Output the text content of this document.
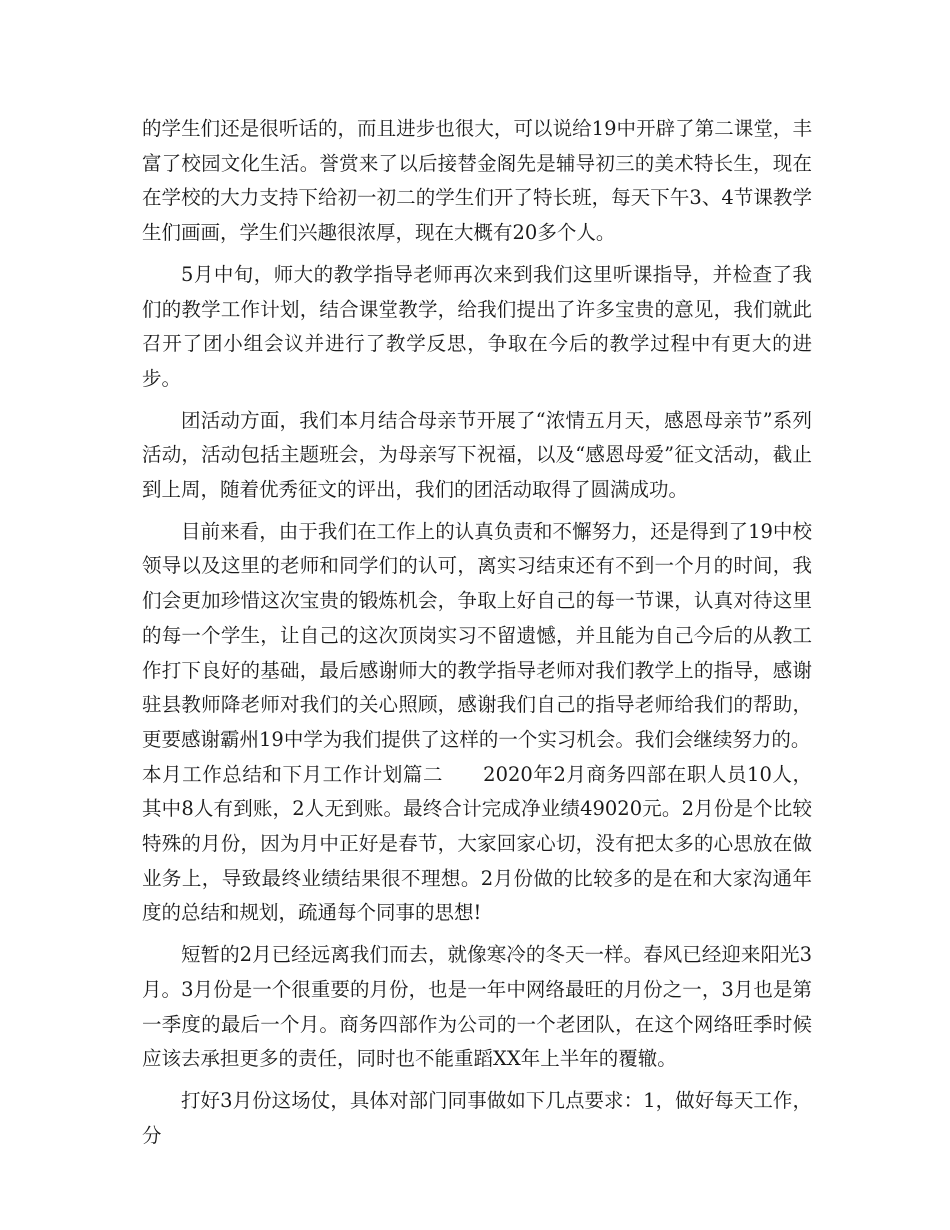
的学生们还是很听话的，而且进步也很大，可以说给19中开辟了第二课堂，丰富了校园文化生活。誉赏来了以后接替金阁先是辅导初三的美术特长生，现在在学校的大力支持下给初一初二的学生们开了特长班，每天下午3、4节课教学生们画画，学生们兴趣很浓厚，现在大概有20多个人。

5月中旬，师大的教学指导老师再次来到我们这里听课指导，并检查了我们的教学工作计划，结合课堂教学，给我们提出了许多宝贵的意见，我们就此召开了团小组会议并进行了教学反思，争取在今后的教学过程中有更大的进步。

团活动方面，我们本月结合母亲节开展了“浓情五月天，感恩母亲节”系列活动，活动包括主题班会，为母亲写下祝福，以及“感恩母爱”征文活动，截止到上周，随着优秀征文的评出，我们的团活动取得了圆满成功。

目前来看，由于我们在工作上的认真负责和不懈努力，还是得到了19中校领导以及这里的老师和同学们的认可，离实习结束还有不到一个月的时间，我们会更加珍惜这次宝贵的锻炼机会，争取上好自己的每一节课，认真对待这里的每一个学生，让自己的这次顶岗实习不留遗憾，并且能为自己今后的从教工作打下良好的基础，最后感谢师大的教学指导老师对我们教学上的指导，感谢驻县教师降老师对我们的关心照顾，感谢我们自己的指导老师给我们的帮助，更要感谢霸州19中学为我们提供了这样的一个实习机会。我们会继续努力的。

本月工作总结和下月工作计划篇二　　2020年2月商务四部在职人员10人，其中8人有到账，2人无到账。最终合计完成净业绩49020元。2月份是个比较特殊的月份，因为月中正好是春节，大家回家心切，没有把太多的心思放在做业务上，导致最终业绩结果很不理想。2月份做的比较多的是在和大家沟通年度的总结和规划，疏通每个同事的思想!

短暂的2月已经远离我们而去，就像寒冷的冬天一样。春风已经迎来阳光3月。3月份是一个很重要的月份，也是一年中网络最旺的月份之一，3月也是第一季度的最后一个月。商务四部作为公司的一个老团队，在这个网络旺季时候应该去承担更多的责任，同时也不能重蹈XX年上半年的覆辙。

打好3月份这场仗，具体对部门同事做如下几点要求：1，做好每天工作，分
